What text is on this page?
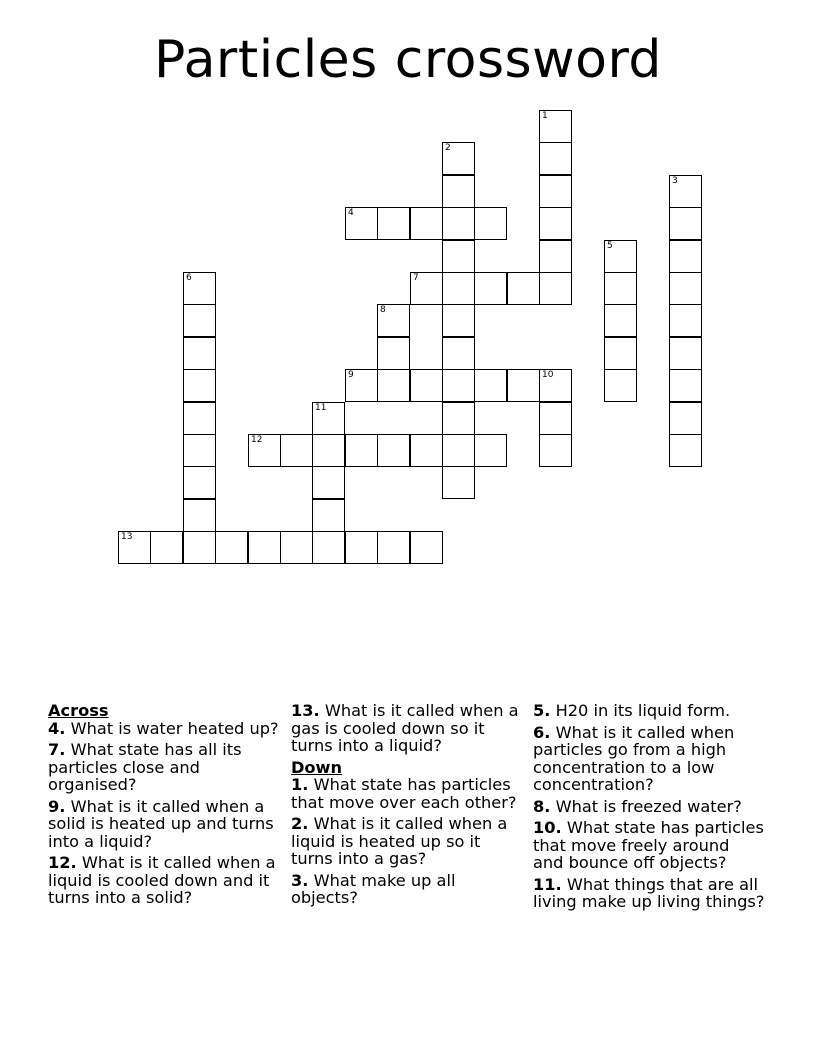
Particles crossword
1
2
3
4
5
6	7
8
9	10
11
12
13
Across
4. What is water heated up?
7. What state has all its particles close and organised?
9. What is it called when a solid is heated up and turns into a liquid?
12. What is it called when a liquid is cooled down and it turns into a solid?
13. What is it called when a gas is cooled down so it turns into a liquid?
Down
1. What state has particles that move over each other?
2. What is it called when a liquid is heated up so it turns into a gas?
3. What make up all objects?
5. H20 in its liquid form.
6. What is it called when particles go from a high concentration to a low concentration?
8. What is freezed water?
10. What state has particles that move freely around and bounce off objects?
11. What things that are all living make up living things?
